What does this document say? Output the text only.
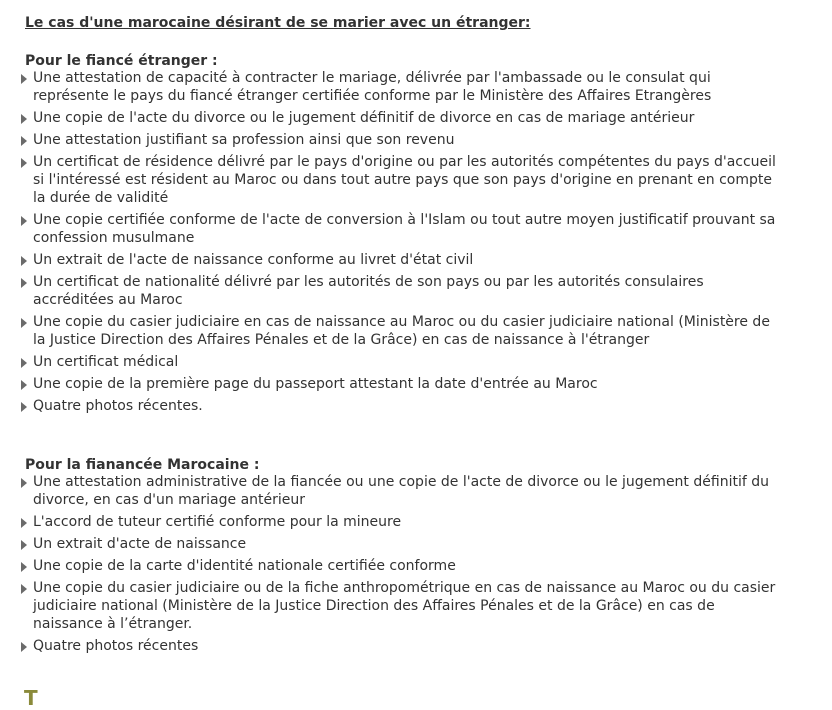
Le cas d'une marocaine désirant de se marier avec un étranger:
Pour le fiancé étranger :
Une attestation de capacité à contracter le mariage, délivrée par l'ambassade ou le consulat qui représente le pays du fiancé étranger certifiée conforme par le Ministère des Affaires Etrangères
Une copie de l'acte du divorce ou le jugement définitif de divorce en cas de mariage antérieur
Une attestation justifiant sa profession ainsi que son revenu
Un certificat de résidence délivré par le pays d'origine ou par les autorités compétentes du pays d'accueil si l'intéressé est résident au Maroc ou dans tout autre pays que son pays d'origine en prenant en compte la durée de validité
Une copie certifiée conforme de l'acte de conversion à l'Islam ou tout autre moyen justificatif prouvant sa confession musulmane
Un extrait de l'acte de naissance conforme au livret d'état civil
Un certificat de nationalité délivré par les autorités de son pays ou par les autorités consulaires accréditées au Maroc
Une copie du casier judiciaire en cas de naissance au Maroc ou du casier judiciaire national (Ministère de la Justice Direction des Affaires Pénales et de la Grâce) en cas de naissance à l'étranger
Un certificat médical
Une copie de la première page du passeport attestant la date d'entrée au Maroc
Quatre photos récentes.
Pour la fianancée Marocaine :
Une attestation administrative de la fiancée ou une copie de l'acte de divorce ou le jugement définitif du divorce, en cas d'un mariage antérieur
L'accord de tuteur certifié conforme pour la mineure
Un extrait d'acte de naissance
Une copie de la carte d'identité nationale certifiée conforme
Une copie du casier judiciaire ou de la fiche anthropométrique en cas de naissance au Maroc ou du casier judiciaire national (Ministère de la Justice Direction des Affaires Pénales et de la Grâce) en cas de naissance à l’étranger.
Quatre photos récentes
T
